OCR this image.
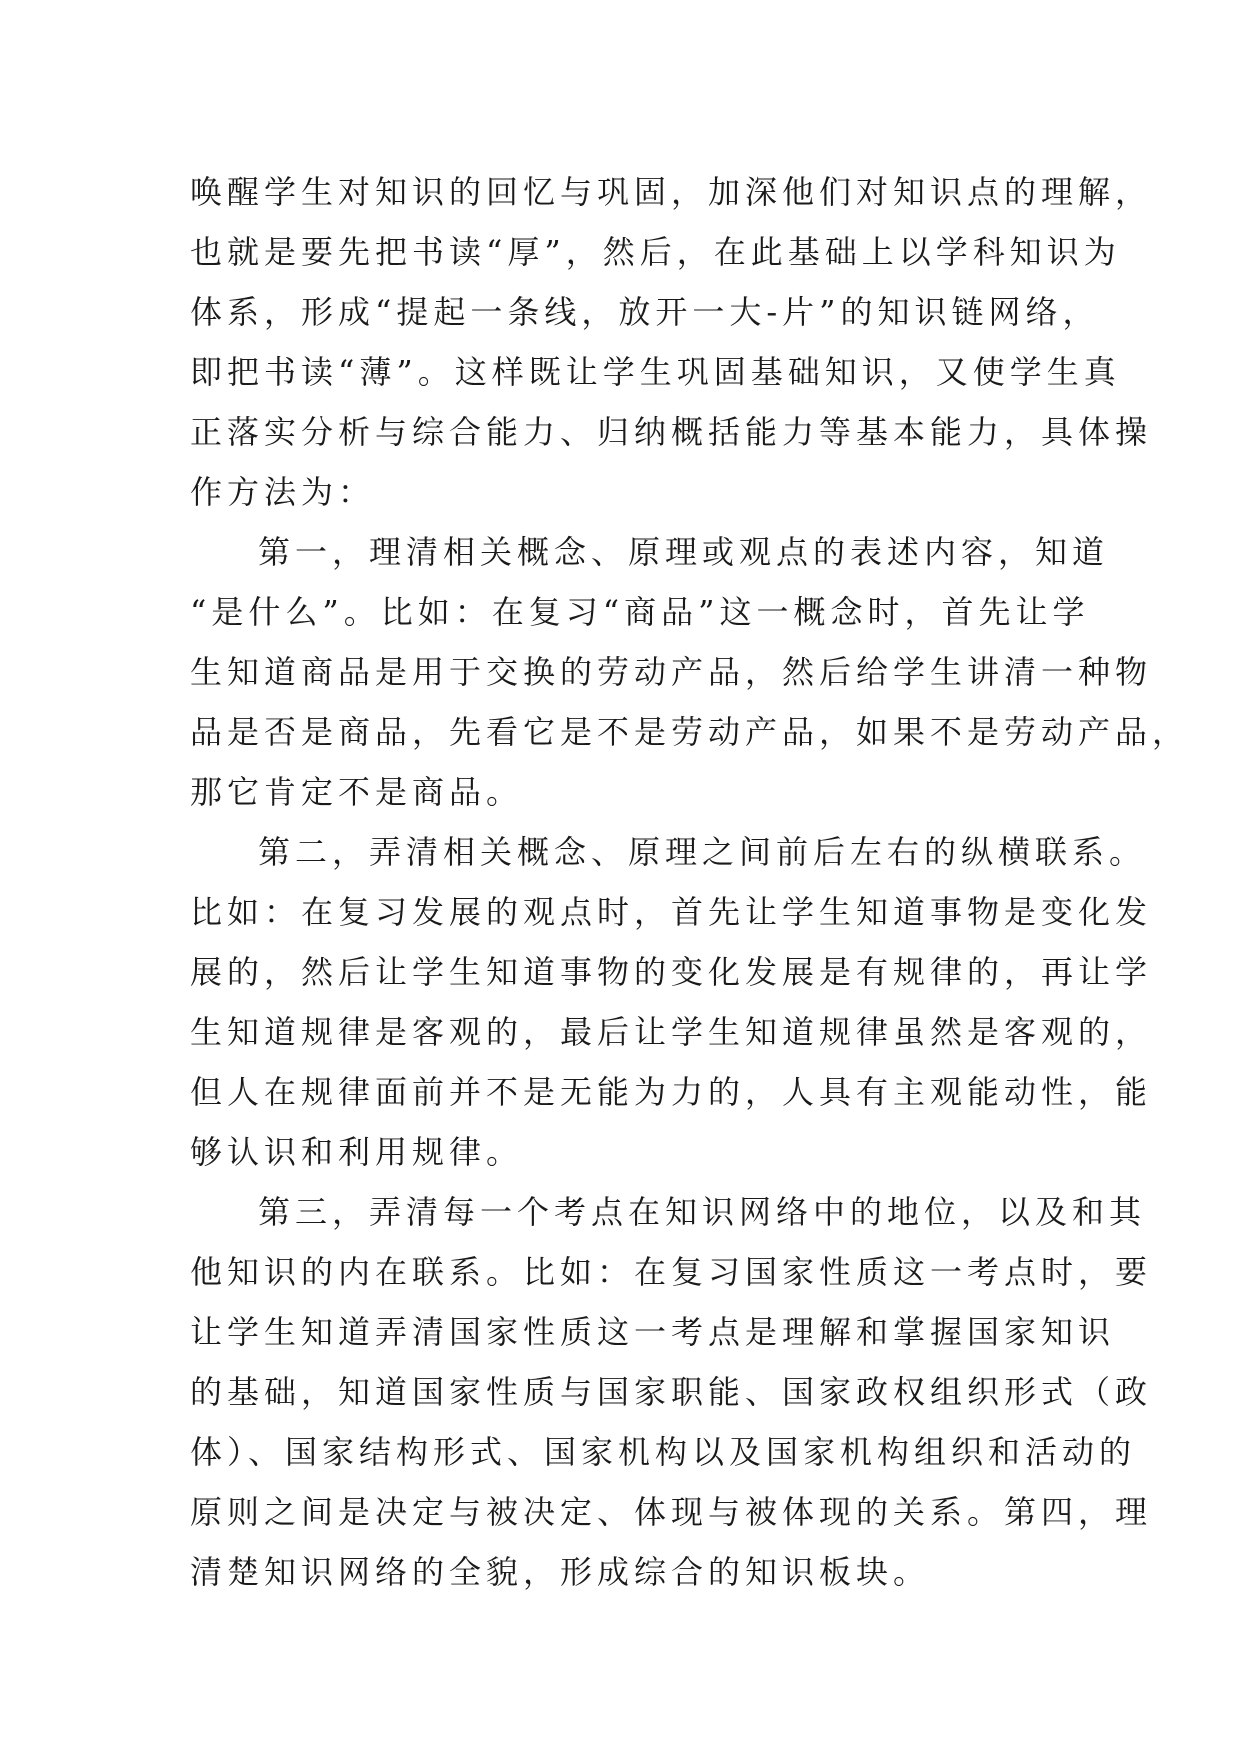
唤醒学生对知识的回忆与巩固，加深他们对知识点的理解，
也就是要先把书读“厚”，然后，在此基础上以学科知识为
体系，形成“提起一条线，放开一大-片”的知识链网络，
即把书读“薄”。这样既让学生巩固基础知识，又使学生真
正落实分析与综合能力、归纳概括能力等基本能力，具体操
作方法为：
第一，理清相关概念、原理或观点的表述内容，知道
“是什么”。比如：在复习“商品”这一概念时，首先让学
生知道商品是用于交换的劳动产品，然后给学生讲清一种物
品是否是商品，先看它是不是劳动产品，如果不是劳动产品，
那它肯定不是商品。
第二，弄清相关概念、原理之间前后左右的纵横联系。
比如：在复习发展的观点时，首先让学生知道事物是变化发
展的，然后让学生知道事物的变化发展是有规律的，再让学
生知道规律是客观的，最后让学生知道规律虽然是客观的，
但人在规律面前并不是无能为力的，人具有主观能动性，能
够认识和利用规律。
第三，弄清每一个考点在知识网络中的地位，以及和其
他知识的内在联系。比如：在复习国家性质这一考点时，要
让学生知道弄清国家性质这一考点是理解和掌握国家知识
的基础，知道国家性质与国家职能、国家政权组织形式（政
体）、国家结构形式、国家机构以及国家机构组织和活动的
原则之间是决定与被决定、体现与被体现的关系。第四，理
清楚知识网络的全貌，形成综合的知识板块。
